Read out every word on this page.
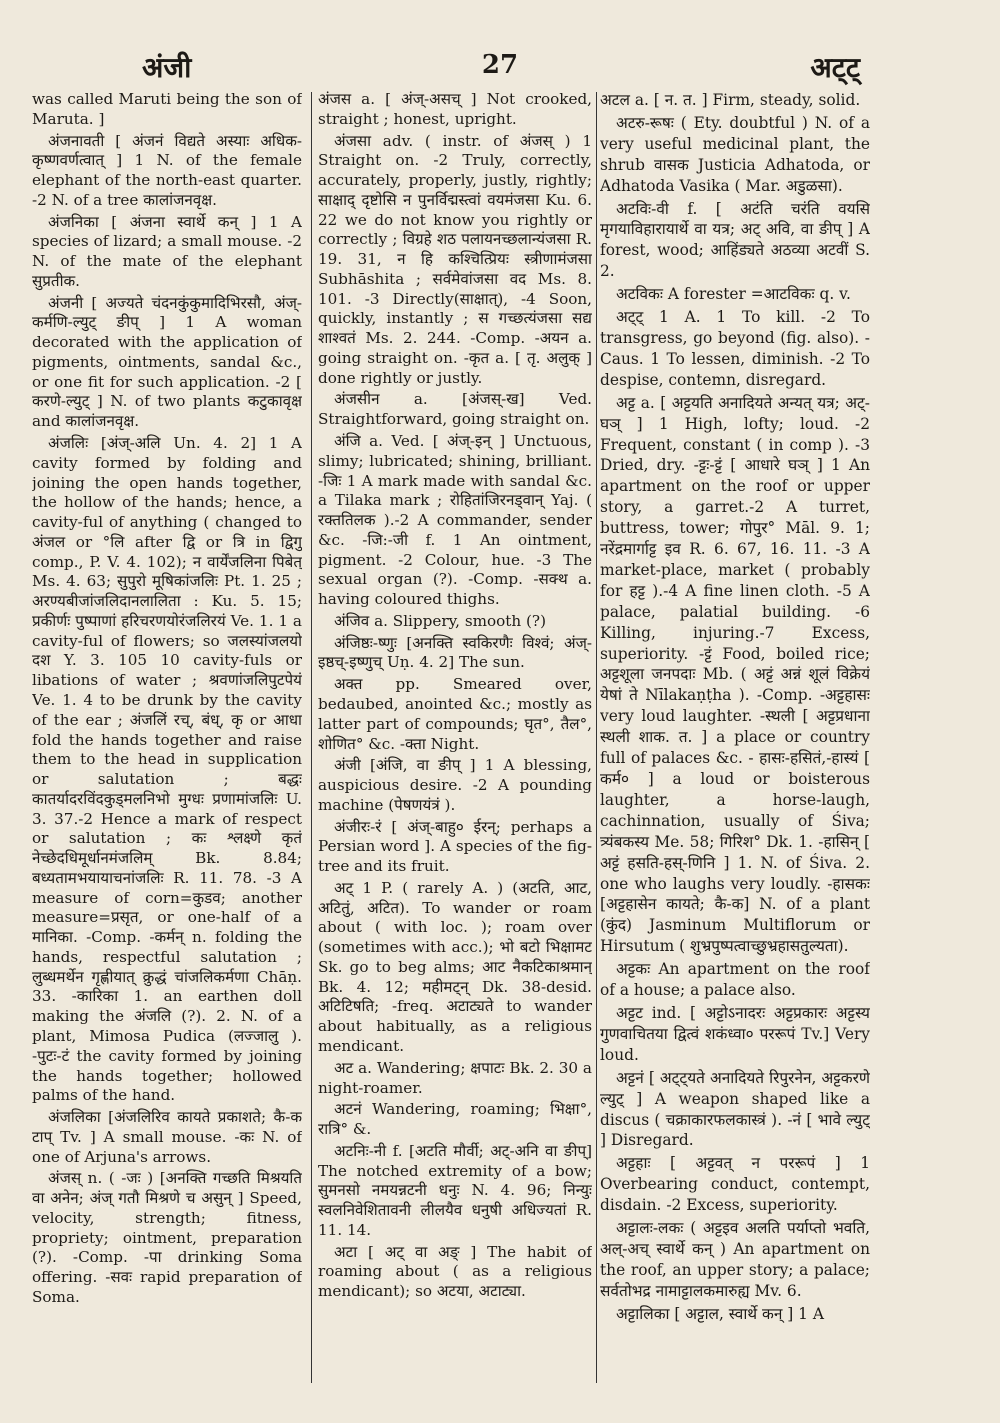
अंजी	27	अट्ट्

was called Maruti being the son of Maruta. ]

अंजनावती [ अंजनं विद्यते अस्याः अधिक-कृष्णवर्णत्वात् ] 1 N. of the female elephant of the north-east quarter. -2 N. of a tree कालांजनवृक्ष.

अंजनिका [ अंजना स्वार्थे कन् ] 1 A species of lizard; a small mouse. -2 N. of the mate of the elephant सुप्रतीक.

अंजनी [ अज्यते चंदनकुंकुमादिभिरसौ, अंज्-कर्मणि-ल्युट् ङीप् ] 1 A woman decorated with the application of pigments, ointments, sandal &c., or one fit for such application. -2 [ करणे-ल्युट् ] N. of two plants कटुकावृक्ष and कालांजनवृक्ष.

अंजलिः [अंज्-अलि Un. 4. 2] 1 A cavity formed by folding and joining the open hands together, the hollow of the hands; hence, a cavity-ful of anything ( changed to अंजल or °लि after द्वि or त्रि in द्विगु comp., P. V. 4. 102); न वार्येंजलिना पिबेत् Ms. 4. 63; सुपुरो मूषिकांजलिः Pt. 1. 25 ; अरण्यबीजांजलिदानलालिता : Ku. 5. 15; प्रकीर्णः पुष्पाणां हरिचरणयोरंजलिरयं Ve. 1. 1 a cavity-ful of flowers; so जलस्यांजलयो दश Y. 3. 105 10 cavity-fuls or libations of water ; श्रवणांजलिपुटपेयं Ve. 1. 4 to be drunk by the cavity of the ear ; अंजलिं रच्, बंध्, कृ or आधा fold the hands together and raise them to the head in supplication or salutation ; बद्धः कातर्यादरविंदकुड्मलनिभो मुग्धः प्रणामांजलिः U. 3. 37.-2 Hence a mark of respect or salutation ; कः श्लक्ष्णे कृतं नेच्छेदधिमूर्धानमंजलिम् Bk. 8.84; बध्यतामभयायाचनांजलिः R. 11. 78. -3 A measure of corn=कुडव; another measure=प्रसृत, or one-half of a मानिका. -Comp. -कर्मन् n. folding the hands, respectful salutation ; लुब्धमर्थेन गृह्णीयात् क्रुद्धं चांजलिकर्मणा Chāṇ. 33. -कारिका 1. an earthen doll making the अंजलि (?). 2. N. of a plant, Mimosa Pudica (लज्जालु ). -पुटः-टं the cavity formed by joining the hands together; hollowed palms of the hand.

अंजलिका [अंजलिरिव कायते प्रकाशते; कै-क टाप् Tv. ] A small mouse. -कः N. of one of Arjuna's arrows.

अंजस् n. ( -जः ) [अनक्ति गच्छति मिश्रयति वा अनेन; अंज् गतौ मिश्रणे च असुन् ] Speed, velocity, strength; fitness, propriety; ointment, preparation (?). -Comp. -पा drinking Soma offering. -सवः rapid preparation of Soma.

अंजस a. [ अंज्-असच् ] Not crooked, straight ; honest, upright.

अंजसा adv. ( instr. of अंजस् ) 1 Straight on. -2 Truly, correctly, accurately, properly, justly, rightly; साक्षाद् दृष्टोसि न पुनर्विद्मस्त्वां वयमंजसा Ku. 6. 22 we do not know you rightly or correctly ; विग्रहे शठ पलायनच्छलान्यंजसा R. 19. 31, न हि कश्चित्प्रियः स्त्रीणामंजसा Subhāshita ; सर्वमेवांजसा वद Ms. 8. 101. -3 Directly(साक्षात्), -4 Soon, quickly, instantly ; स गच्छत्यंजसा सद्य शाश्वतं Ms. 2. 244. -Comp. -अयन a. going straight on. -कृत a. [ तृ. अलुक् ] done rightly or justly.

अंजसीन a. [अंजस्-ख] Ved. Straightforward, going straight on.

अंजि a. Ved. [ अंज्-इन् ] Unctuous, slimy; lubricated; shining, brilliant. -जिः 1 A mark made with sandal &c. a Tilaka mark ; रोहितांजिरनड्वान् Yaj. ( रक्ततिलक ).-2 A commander, sender &c. -जि:-जी f. 1 An ointment, pigment. -2 Colour, hue. -3 The sexual organ (?). -Comp. -सक्थ a. having coloured thighs.

अंजिव a. Slippery, smooth (?)

अंजिष्ठः-ष्णुः [अनक्ति स्वकिरणैः विश्वं; अंज्-इष्ठच्-इष्णुच् Uṇ. 4. 2] The sun.

अक्त pp. Smeared over, bedaubed, anointed &c.; mostly as latter part of compounds; घृत°, तैल°, शोणित° &c. -क्ता Night.

अंजी [अंजि, वा ङीप् ] 1 A blessing, auspicious desire. -2 A pounding machine (पेषणयंत्रं ).

अंजीरः-रं [ अंज्-बाहु० ईरन्; perhaps a Persian word ]. A species of the fig-tree and its fruit.

अट् 1 P. ( rarely A. ) (अटति, आट, अटितुं, अटित). To wander or roam about ( with loc. ); roam over (sometimes with acc.); भो बटो भिक्षामट Sk. go to beg alms; आट नैकटिकाश्रमान् Bk. 4. 12; महीमट्न् Dk. 38-desid. अटिटिषति; -freq. अटाट्यते to wander about habitually, as a religious mendicant.

अट a. Wandering; क्षपाटः Bk. 2. 30 a night-roamer.

अटनं Wandering, roaming; भिक्षा°, रात्रि° &.

अटनिः-नी f. [अटति मौर्वी; अट्-अनि वा ङीप्] The notched extremity of a bow; सुमनसो नमयन्नटनी धनुः N. 4. 96; निन्युः स्वलनिवेशितावनी लीलयैव धनुषी अधिज्यतां R. 11. 14.

अटा [ अट् वा अङ् ] The habit of roaming about ( as a religious mendicant); so अटया, अटाट्या.

अटल a. [ न. त. ] Firm, steady, solid.

अटरु-रूषः ( Ety. doubtful ) N. of a very useful medicinal plant, the shrub वासक Justicia Adhatoda, or Adhatoda Vasika ( Mar. अडुळसा).

अटविः-वी f. [ अटंति चरंति वयसि मृगयाविहारायार्थे वा यत्र; अट् अवि, वा ङीप् ] A forest, wood; आहिंड्यते अठव्या अटवीं S. 2.

अटविकः A forester =आटविकः q. v.

अट्ट् 1 A. 1 To kill. -2 To transgress, go beyond (fig. also). -Caus. 1 To lessen, diminish. -2 To despise, contemn, disregard.

अट्ट a. [ अट्टयति अनादियते अन्यत् यत्र; अट्-घञ् ] 1 High, lofty; loud. -2 Frequent, constant ( in comp ). -3 Dried, dry. -ट्टः-ट्टं [ आधारे घञ् ] 1 An apartment on the roof or upper story, a garret.-2 A turret, buttress, tower; गोपुर° Māl. 9. 1; नरेंद्रमार्गाट्ट इव R. 6. 67, 16. 11. -3 A market-place, market ( probably for हट्ट ).-4 A fine linen cloth. -5 A palace, palatial building. -6 Killing, injuring.-7 Excess, superiority. -ट्टं Food, boiled rice; अट्टशूला जनपदाः Mb. ( अट्टं अन्नं शूलं विक्रेयं येषां ते Nīlakaṇṭha ). -Comp. -अट्टहासः very loud laughter. -स्थली [ अट्टप्रधाना स्थली शाक. त. ] a place or country full of palaces &c. - हासः-हसितं,-हास्यं [ कर्म० ] a loud or boisterous laughter, a horse-laugh, cachinnation, usually of Śiva; त्र्यंबकस्य Me. 58; गिरिश° Dk. 1. -हासिन् [ अट्टं हसति-हस्-णिनि ] 1. N. of Śiva. 2. one who laughs very loudly. -हासकः [अट्टहासेन कायते; कै-क] N. of a plant (कुंद) Jasminum Multiflorum or Hirsutum ( शुभ्रपुष्पत्वाच्छुभ्रहासतुल्यता).

अट्टकः An apartment on the roof of a house; a palace also.

अट्टट ind. [ अट्टोऽनादरः अट्टप्रकारः अट्टस्य गुणवाचितया द्वित्वं शकंध्वा० पररूपं Tv.] Very loud.

अट्टनं [ अट्ट्यते अनादियते रिपुरनेन, अट्टकरणे ल्युट् ] A weapon shaped like a discus ( चक्राकारफलकास्त्रं ). -नं [ भावे ल्युट् ] Disregard.

अट्टहाः [ अट्टवत् न पररूपं ] 1 Overbearing conduct, contempt, disdain. -2 Excess, superiority.

अट्टालः-लकः ( अट्टइव अलति पर्याप्तो भवति, अल्-अच् स्वार्थे कन् ) An apartment on the roof, an upper story; a palace; सर्वतोभद्र नामाट्टालकमारुह्य Mv. 6.

अट्टालिका [ अट्टाल, स्वार्थे कन् ] 1 A
